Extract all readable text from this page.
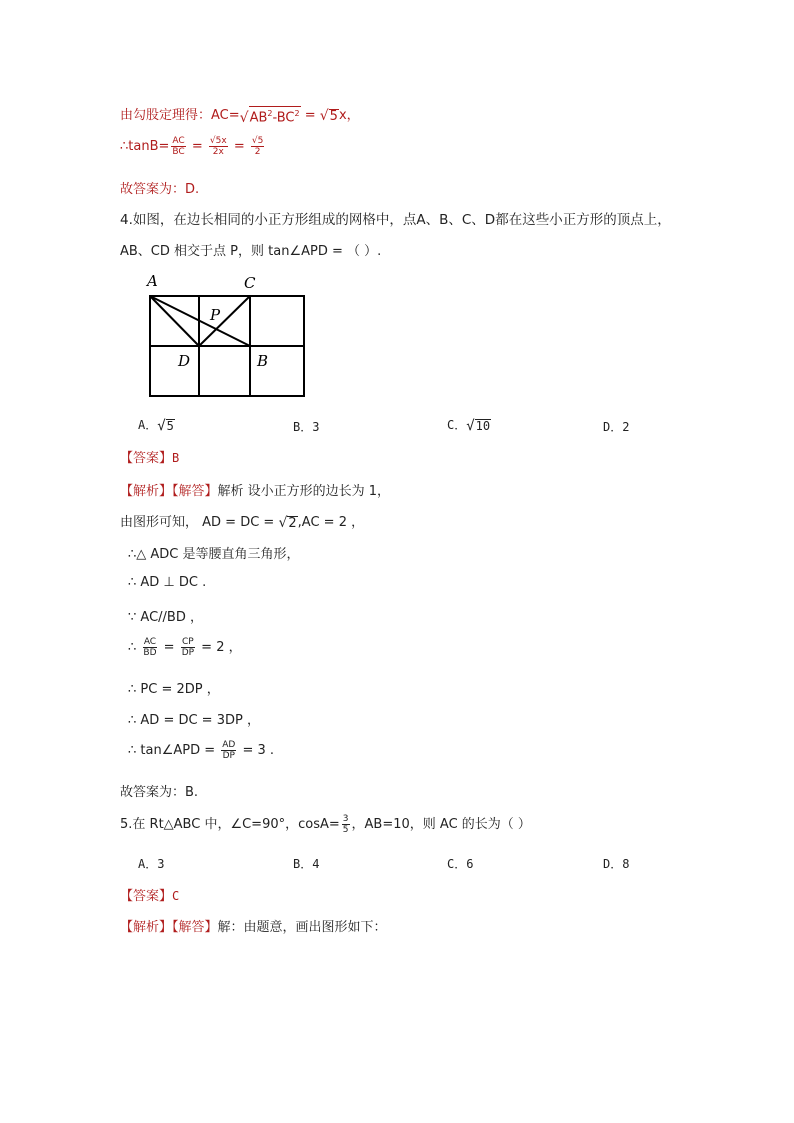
由勾股定理得：AC= √ $AB^2-BC^2$ = √ 5 x，
∴tanB= $\frac{AC}{BC} = \frac{√5x}{2x} = \frac{√5}{2}$
故答案为：D.
4.如图，在边长相同的小正方形组成的网格中，点A、B、C、D都在这些小正方形的顶点上，
AB、CD 相交于点 P，则 tan∠APD = （ ）.
A	C
P
D	B
A． √ 5	B．3	C． √ 10	D．2
【答案】B
【解析】【解答】解析 设小正方形的边长为 1，
由图形可知， AD = DC = √ 2 ,AC = 2 ，
∴△ ADC 是等腰直角三角形，
∴ AD ⊥ DC .
∵ AC//BD ，
∴ $\frac{AC}{BD} = \frac{CP}{DP} = 2$ ，
∴ PC = 2DP ，
∴ AD = DC = 3DP ，
∴ tan∠APD = $\frac{AD}{DP} = 3$ .
故答案为：B.
5.在 Rt△ABC 中，∠C=90°，$\cos A= \frac{3}{5}$ ，AB=10，则 AC 的长为（ ）
A．3	B．4	C．6	D．8
【答案】C
【解析】【解答】解：由题意，画出图形如下：
